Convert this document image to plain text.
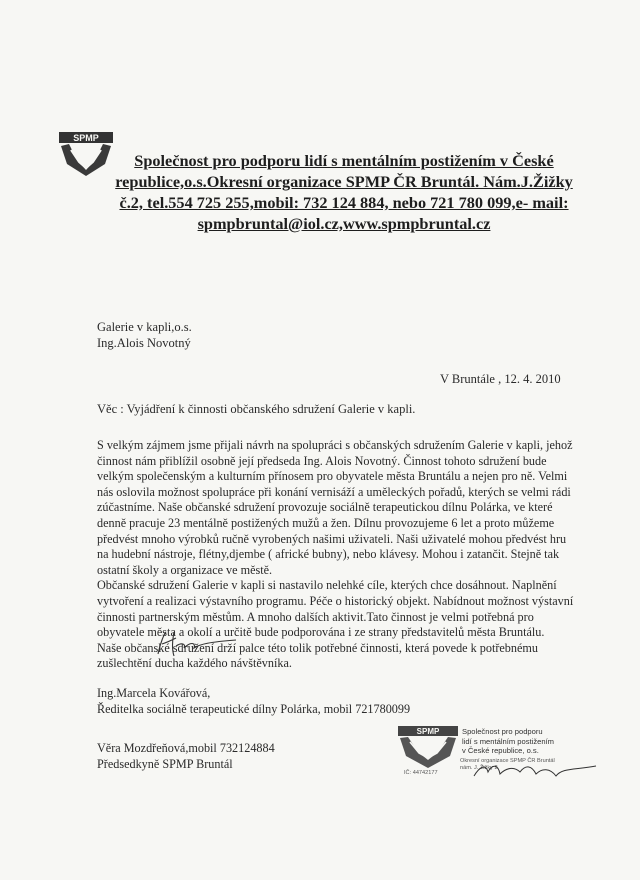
SPMP
Společnost pro podporu lidí s mentálním postižením v České
republice,o.s.Okresní organizace SPMP ČR Bruntál. Nám.J.Žižky
č.2, tel.554 725 255,mobil: 732 124 884, nebo 721 780 099,e- mail:
spmpbruntal@iol.cz,www.spmpbruntal.cz
Galerie v kapli,o.s.
Ing.Alois Novotný
V Bruntále , 12. 4. 2010
Věc : Vyjádření k činnosti občanského sdružení Galerie v kapli.
S velkým zájmem jsme přijali návrh na spolupráci s občanských sdružením Galerie v kapli, jehož
činnost nám přiblížil osobně její předseda Ing. Alois Novotný. Činnost tohoto sdružení bude
velkým společenským a kulturním přínosem pro obyvatele města Bruntálu a nejen pro ně. Velmi
nás oslovila možnost spolupráce při konání vernisáží a uměleckých pořadů, kterých se velmi rádi
zúčastníme. Naše občanské sdružení provozuje sociálně terapeutickou dílnu Polárka, ve které
denně pracuje 23 mentálně postižených mužů a žen. Dílnu provozujeme 6 let a proto můžeme
předvést mnoho výrobků ručně vyrobených našimi uživateli. Naši uživatelé mohou předvést hru
na hudební nástroje, flétny,djembe ( africké bubny), nebo klávesy. Mohou i zatančit. Stejně tak
ostatní školy a organizace ve městě.
Občanské sdružení Galerie v kapli si nastavilo nelehké cíle, kterých chce dosáhnout. Naplnění
vytvoření a realizaci výstavního programu. Péče o historický objekt. Nabídnout možnost výstavní
činnosti partnerským městům. A mnoho dalších aktivit.Tato činnost je velmi potřebná pro
obyvatele města a okolí a určitě bude podporována i ze strany představitelů města Bruntálu.
Naše občanské sdružení drží palce této tolik potřebné činnosti, která povede k potřebnému
zušlechtění ducha každého návštěvníka.
Ing.Marcela Kovářová,
Ředitelka sociálně terapeutické dílny Polárka, mobil 721780099
Věra Mozdřeňová,mobil 732124884
Předsedkyně SPMP Bruntál
SPMP	Společnost pro podporu
lidí s mentálním postižením
v České republice, o.s.
Okresní organizace SPMP ČR Bruntál
nám. J. Žižky 2
IČ: 44742177
